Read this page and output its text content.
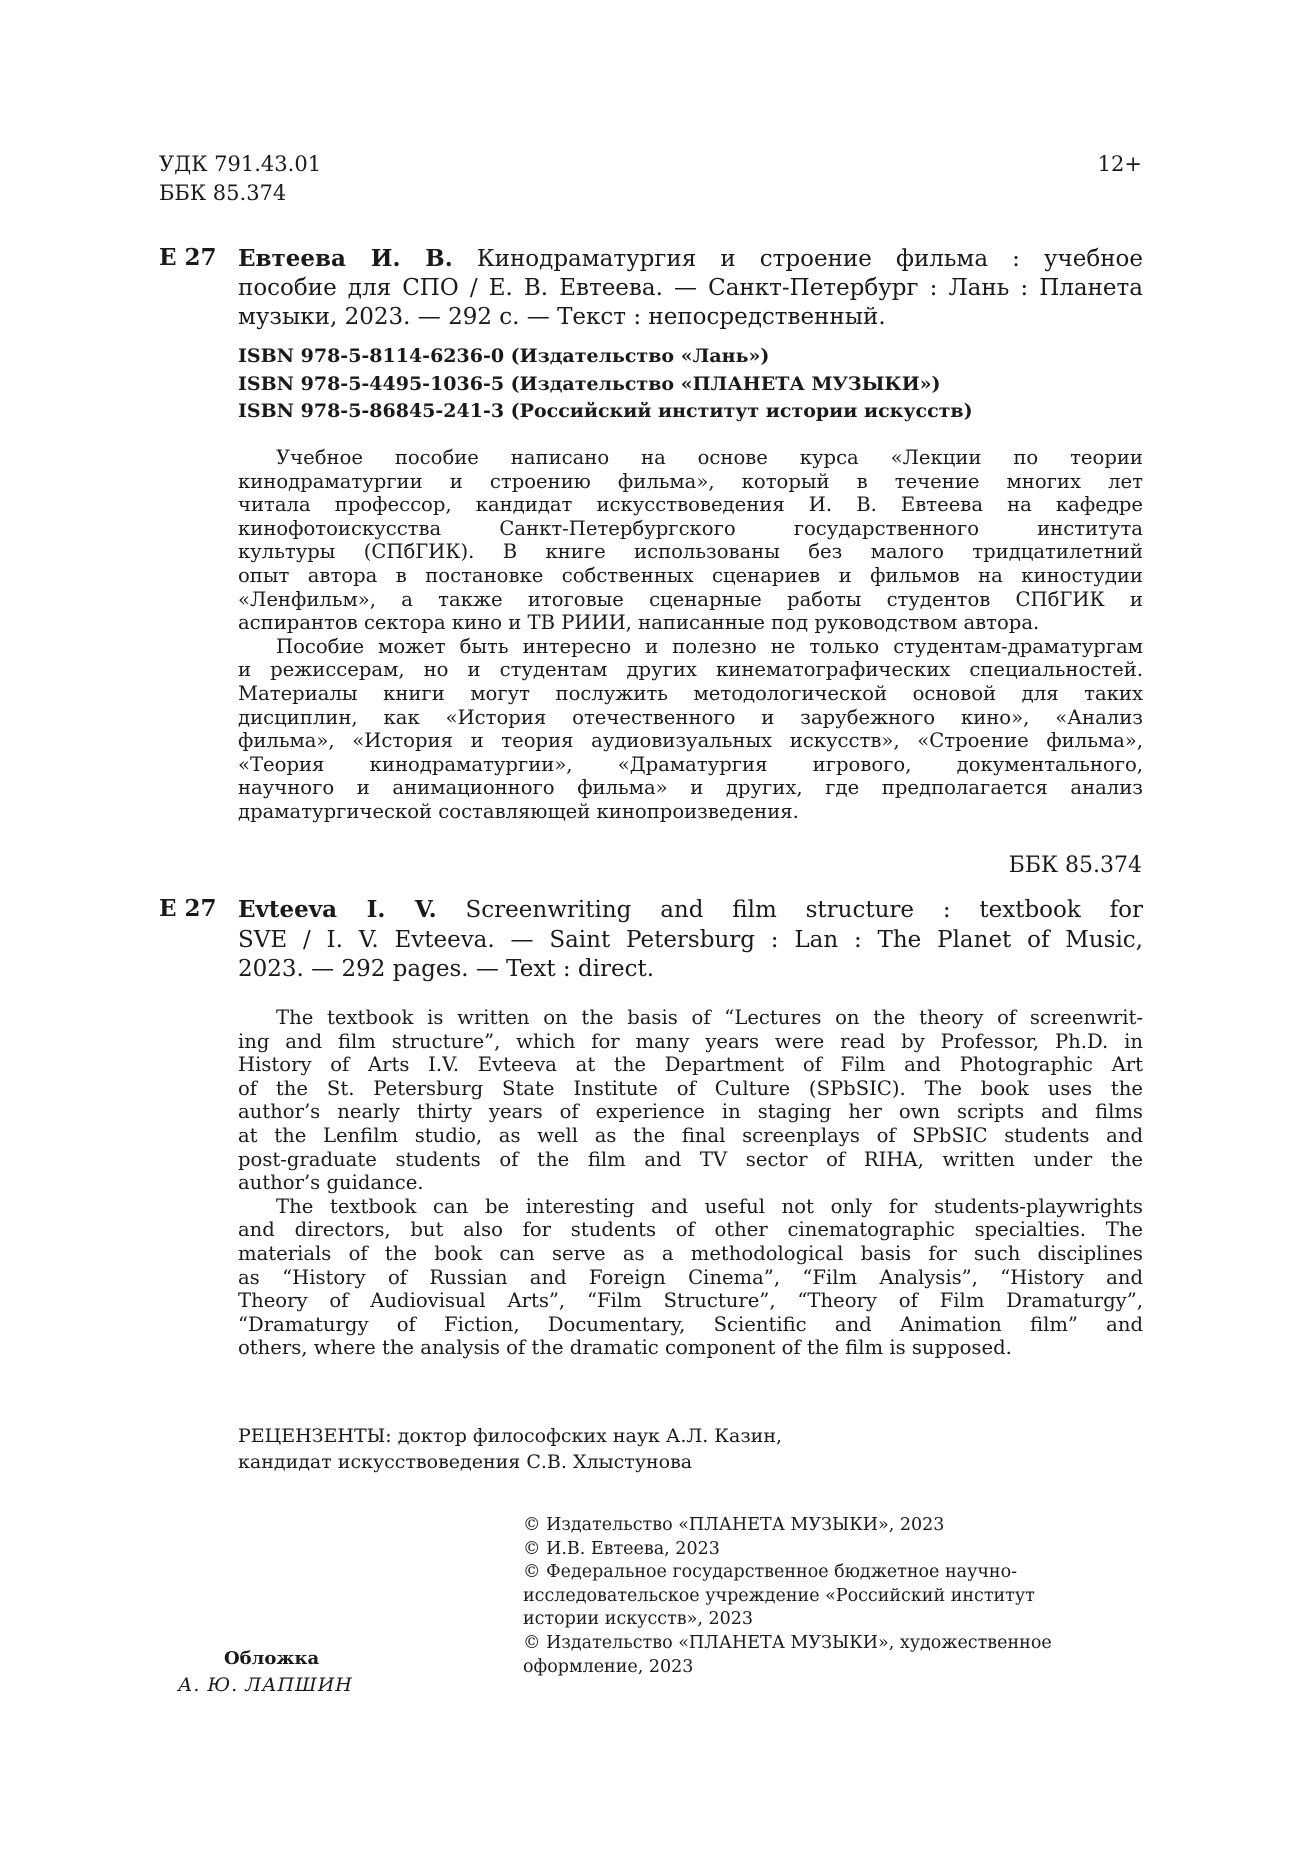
УДК 791.43.01
ББК 85.374
12+
Е 27 Евтеева И. В. Кинодраматургия и строение фильма : учебное
пособие для СПО / Е. В. Евтеева. — Санкт-Петербург : Лань : Планета
музыки, 2023. — 292 с. — Текст : непосредственный.
ISBN 978-5-8114-6236-0 (Издательство «Лань»)
ISBN 978-5-4495-1036-5 (Издательство «ПЛАНЕТА МУЗЫКИ»)
ISBN 978-5-86845-241-3 (Российский институт истории искусств)
Учебное пособие написано на основе курса «Лекции по теории
кинодраматургии и строению фильма», который в течение многих лет
читала профессор, кандидат искусствоведения И. В. Евтеева на кафедре
кинофотоискусства Санкт-Петербургского государственного института
культуры (СПбГИК). В книге использованы без малого тридцатилетний
опыт автора в постановке собственных сценариев и фильмов на киностудии
«Ленфильм», а также итоговые сценарные работы студентов СПбГИК и
аспирантов сектора кино и ТВ РИИИ, написанные под руководством автора.
Пособие может быть интересно и полезно не только студентам-драматургам
и режиссерам, но и студентам других кинематографических специальностей.
Материалы книги могут послужить методологической основой для таких
дисциплин, как «История отечественного и зарубежного кино», «Анализ
фильма», «История и теория аудиовизуальных искусств», «Строение фильма»,
«Теория кинодраматургии», «Драматургия игрового, документального,
научного и анимационного фильма» и других, где предполагается анализ
драматургической составляющей кинопроизведения.
ББК 85.374
Е 27 Evteeva I. V. Screenwriting and film structure : textbook for
SVE / I. V. Evteeva. — Saint Petersburg : Lan : The Planet of Music,
2023. — 292 pages. — Text : direct.
The textbook is written on the basis of “Lectures on the theory of screenwrit-
ing and film structure”, which for many years were read by Professor, Ph.D. in
History of Arts I.V. Evteeva at the Department of Film and Photographic Art
of the St. Petersburg State Institute of Culture (SPbSIC). The book uses the
author’s nearly thirty years of experience in staging her own scripts and films
at the Lenfilm studio, as well as the final screenplays of SPbSIC students and
post-graduate students of the film and TV sector of RIHA, written under the
author’s guidance.
The textbook can be interesting and useful not only for students-playwrights
and directors, but also for students of other cinematographic specialties. The
materials of the book can serve as a methodological basis for such disciplines
as “History of Russian and Foreign Cinema”, “Film Analysis”, “History and
Theory of Audiovisual Arts”, “Film Structure”, “Theory of Film Dramaturgy”,
“Dramaturgy of Fiction, Documentary, Scientific and Animation film” and
others, where the analysis of the dramatic component of the film is supposed.
РЕЦЕНЗЕНТЫ: доктор философских наук А.Л. Казин,
кандидат искусствоведения С.В. Хлыстунова
© Издательство «ПЛАНЕТА МУЗЫКИ», 2023
© И.В. Евтеева, 2023
© Федеральное государственное бюджетное научно-
исследовательское учреждение «Российский институт
истории искусств», 2023
© Издательство «ПЛАНЕТА МУЗЫКИ», художественное
оформление, 2023
Обложка
А. Ю. ЛАПШИН
